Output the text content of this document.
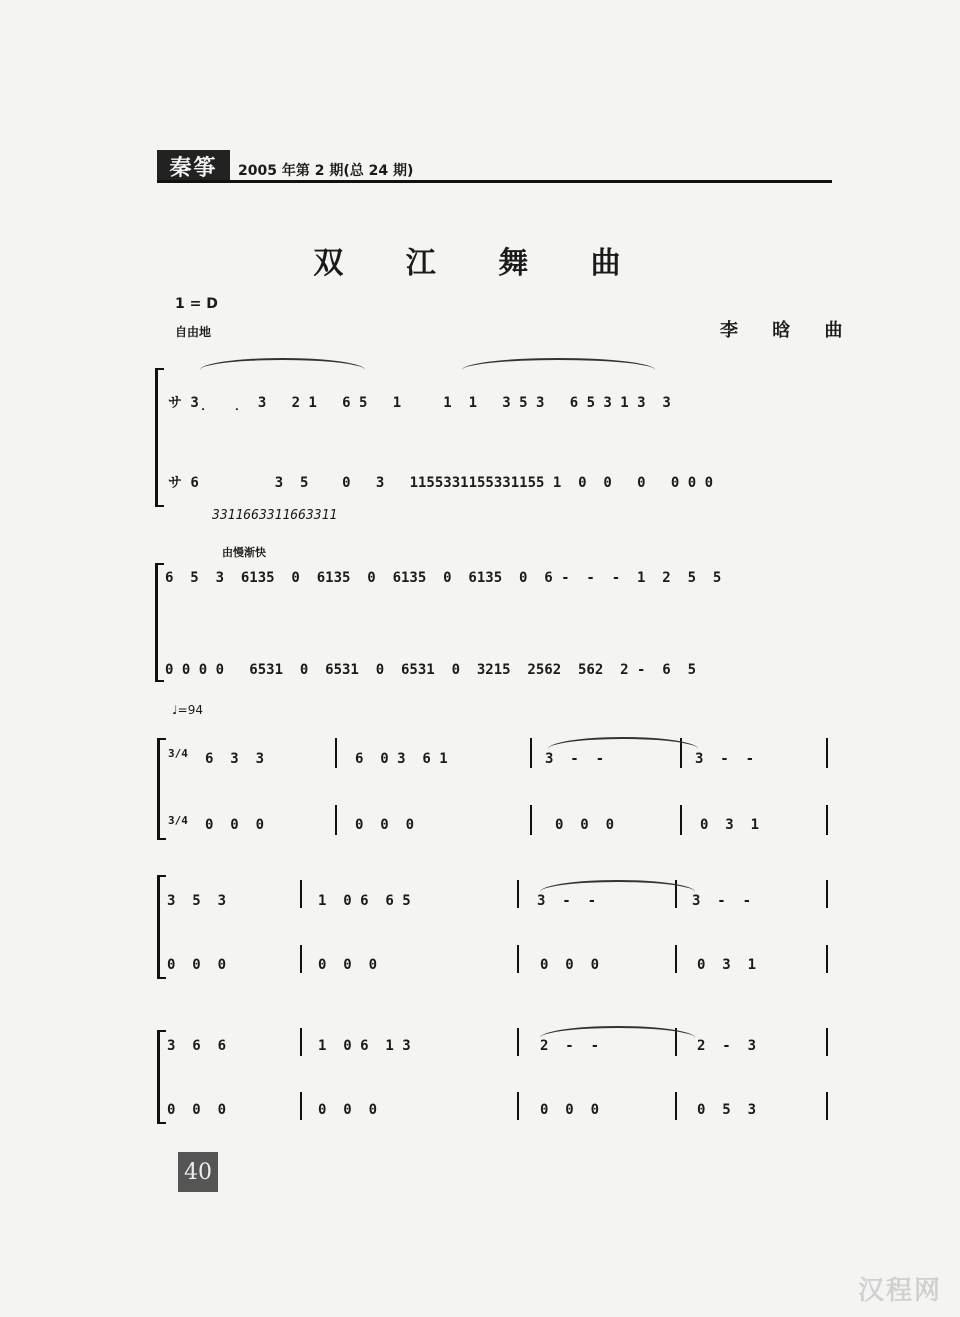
秦筝	2005 年第 2 期(总 24 期)
双 江 舞 曲
1 = D
自由地	李 晗 曲
サ 3̣   ̣  3   2 1   6 5   1     1  1   3 5 3   6 5 3 1 3  3
サ 6         3  5    0   3   1155331155331155 1  0  0   0   0 0 0
3311663311663311
由慢渐快
6  5  3  6135  0  6135  0  6135  0  6135  0  6 -  -  -  1  2  5  5
0 0 0 0   6531  0  6531  0  6531  0  3215  2562  562  2 -  6  5
♩=94
3/4
3/4
6  3  3	6  0 3  6 1	3  -  -	3  -  -
0  0  0	0  0  0	0  0  0	0  3  1
3  5  3	1  0 6  6 5	3  -  -	3  -  -
0  0  0	0  0  0	0  0  0	0  3  1
3  6  6	1  0 6  1 3	2  -  -	2  -  3
0  0  0	0  0  0	0  0  0	0  5  3
40
汉程网
